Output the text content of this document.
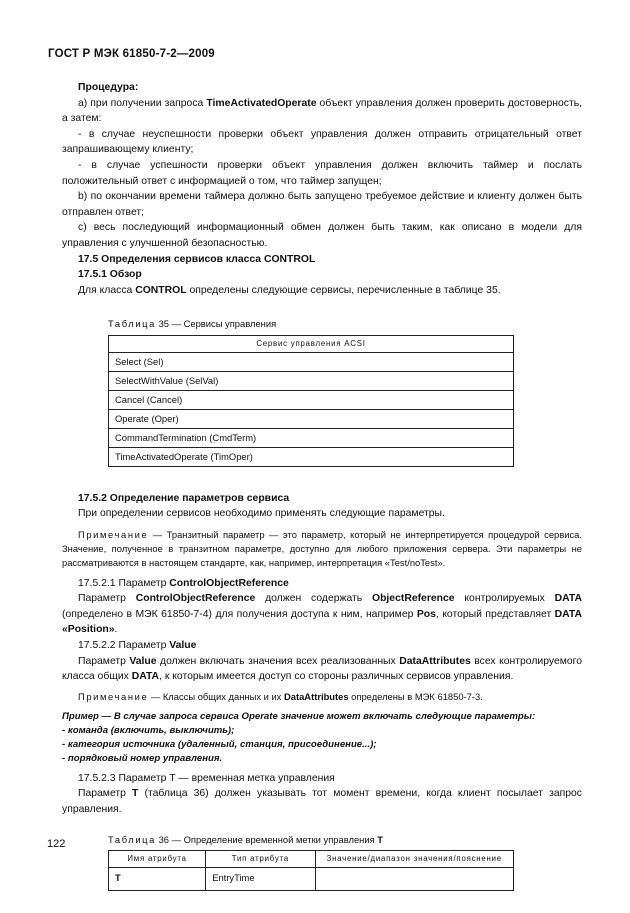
ГОСТ Р МЭК 61850-7-2—2009

Процедура:

а) при получении запроса TimeActivatedOperate объект управления должен проверить достоверность, а затем:

- в случае неуспешности проверки объект управления должен отправить отрицательный ответ запрашивающему клиенту;

- в случае успешности проверки объект управления должен включить таймер и послать положительный ответ с информацией о том, что таймер запущен;

b) по окончании времени таймера должно быть запущено требуемое действие и клиенту должен быть отправлен ответ;

с) весь последующий информационный обмен должен быть таким, как описано в модели для управления с улучшенной безопасностью.

17.5 Определения сервисов класса CONTROL

17.5.1 Обзор

Для класса CONTROL определены следующие сервисы, перечисленные в таблице 35.

Таблица 35 — Сервисы управления
Сервис управления ACSI
Select (Sel)
SelectWithValue (SelVal)
Cancel (Cancel)
Operate (Oper)
CommandTermination (CmdTerm)
TimeActivatedOperate (TimOper)

17.5.2 Определение параметров сервиса

При определении сервисов необходимо применять следующие параметры.

Примечание — Транзитный параметр — это параметр, который не интерпретируется процедурой сервиса. Значение, полученное в транзитном параметре, доступно для любого приложения сервера. Эти параметры не рассматриваются в настоящем стандарте, как, например, интерпретация «Test/noTest».

17.5.2.1 Параметр ControlObjectReference

Параметр ControlObjectReference должен содержать ObjectReference контролируемых DATA (определено в МЭК 61850-7-4) для получения доступа к ним, например Pos, который представляет DATA «Position».

17.5.2.2 Параметр Value

Параметр Value должен включать значения всех реализованных DataAttributes всех контролируемого класса общих DATA, к которым имеется доступ со стороны различных сервисов управления.

Примечание — Классы общих данных и их DataAttributes определены в МЭК 61850-7-3.

Пример — В случае запроса сервиса Operate значение может включать следующие параметры:

- команда (включить, выключить);

- категория источника (удаленный, станция, присоединение...);

- порядковый номер управления.

17.5.2.3 Параметр T — временная метка управления

Параметр T (таблица 36) должен указывать тот момент времени, когда клиент посылает запрос управления.

Таблица 36 — Определение временной метки управления T
Имя атрибута	Тип атрибута	Значение/диапазон значения/пояснение
T	EntryTime	
122
